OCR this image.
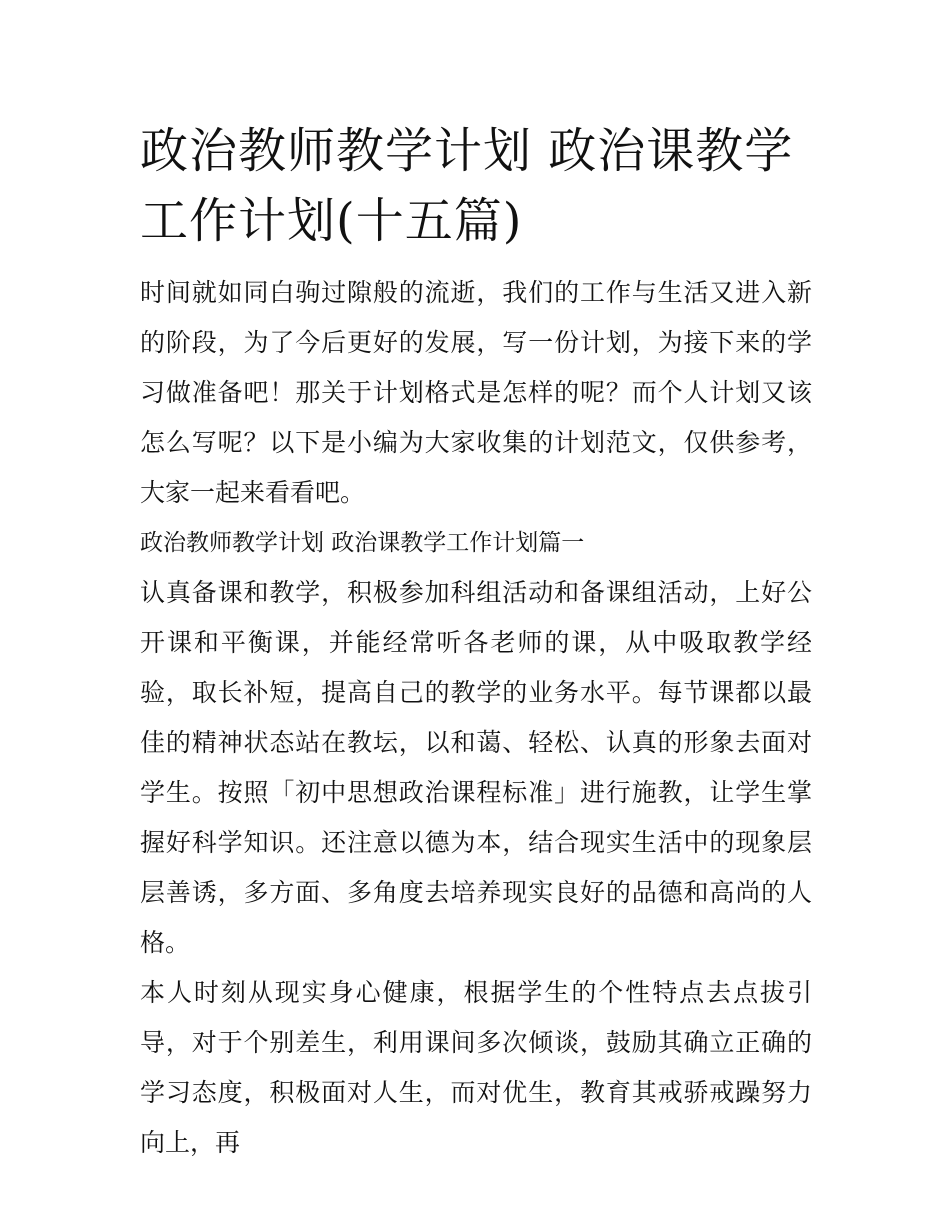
政治教师教学计划 政治课教学工作计划(十五篇)

时间就如同白驹过隙般的流逝，我们的工作与生活又进入新的阶段，为了今后更好的发展，写一份计划，为接下来的学习做准备吧！那关于计划格式是怎样的呢？而个人计划又该怎么写呢？以下是小编为大家收集的计划范文，仅供参考，大家一起来看看吧。

政治教师教学计划 政治课教学工作计划篇一

认真备课和教学，积极参加科组活动和备课组活动，上好公开课和平衡课，并能经常听各老师的课，从中吸取教学经验，取长补短，提高自己的教学的业务水平。每节课都以最佳的精神状态站在教坛，以和蔼、轻松、认真的形象去面对学生。按照「初中思想政治课程标准」进行施教，让学生掌握好科学知识。还注意以德为本，结合现实生活中的现象层层善诱，多方面、多角度去培养现实良好的品德和高尚的人格。

本人时刻从现实身心健康，根据学生的个性特点去点拔引导，对于个别差生，利用课间多次倾谈，鼓励其确立正确的学习态度，积极面对人生，而对优生，教育其戒骄戒躁努力向上，再
